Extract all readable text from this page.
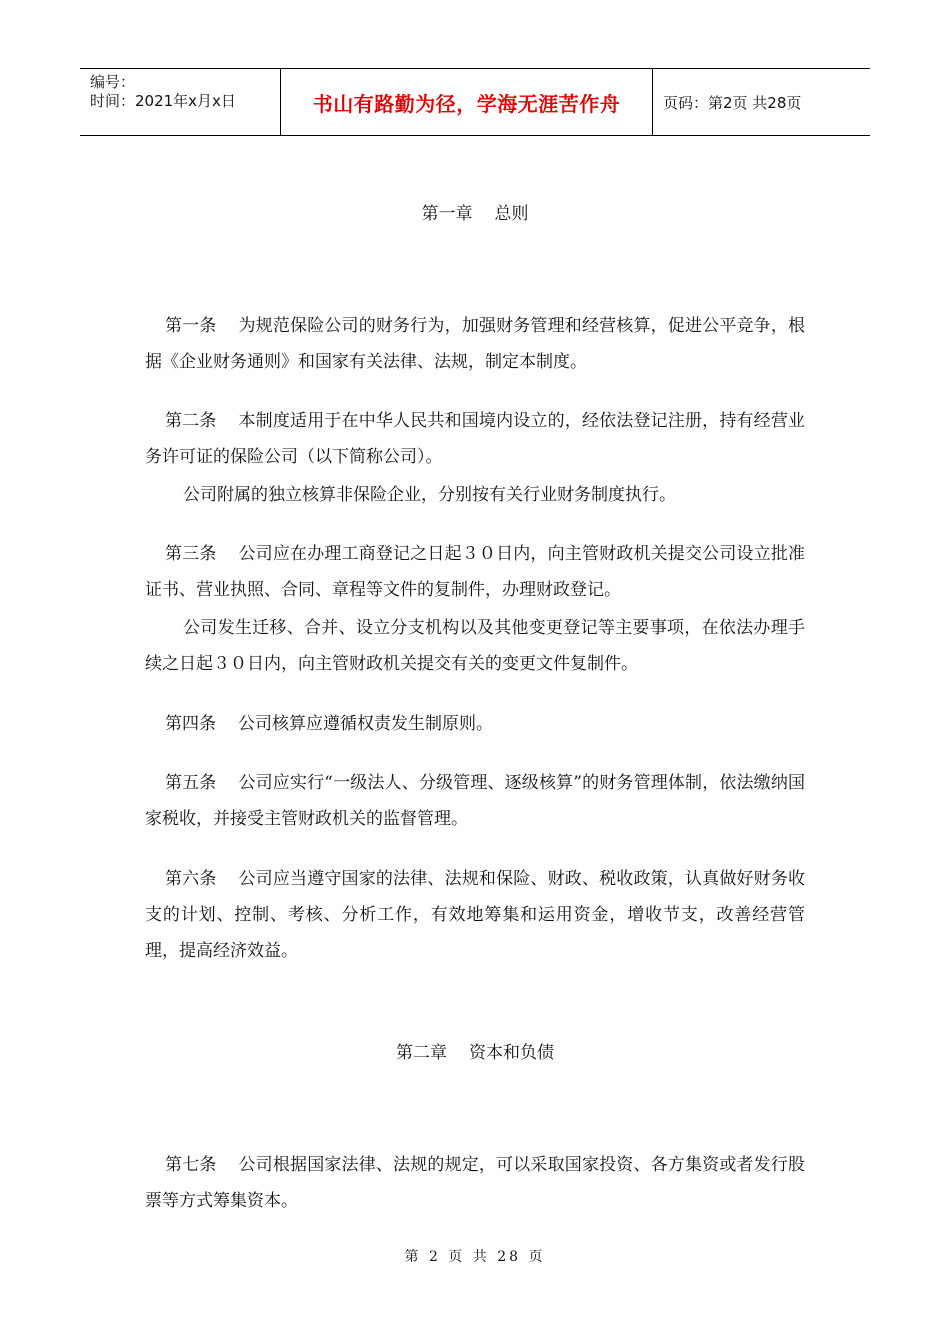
编号：
时间：2021年x月x日	书山有路勤为径，学海无涯苦作舟	页码：第2页 共28页
第一章 总则
第一条 为规范保险公司的财务行为，加强财务管理和经营核算，促进公平竞争，根据《企业财务通则》和国家有关法律、法规，制定本制度。
第二条 本制度适用于在中华人民共和国境内设立的，经依法登记注册，持有经营业务许可证的保险公司（以下简称公司）。
公司附属的独立核算非保险企业，分别按有关行业财务制度执行。
第三条 公司应在办理工商登记之日起３０日内，向主管财政机关提交公司设立批准证书、营业执照、合同、章程等文件的复制件，办理财政登记。
公司发生迁移、合并、设立分支机构以及其他变更登记等主要事项，在依法办理手续之日起３０日内，向主管财政机关提交有关的变更文件复制件。
第四条 公司核算应遵循权责发生制原则。
第五条 公司应实行“一级法人、分级管理、逐级核算”的财务管理体制，依法缴纳国家税收，并接受主管财政机关的监督管理。
第六条 公司应当遵守国家的法律、法规和保险、财政、税收政策，认真做好财务收支的计划、控制、考核、分析工作，有效地筹集和运用资金，增收节支，改善经营管理，提高经济效益。
第二章 资本和负债
第七条 公司根据国家法律、法规的规定，可以采取国家投资、各方集资或者发行股票等方式筹集资本。
第 2 页 共 28 页
